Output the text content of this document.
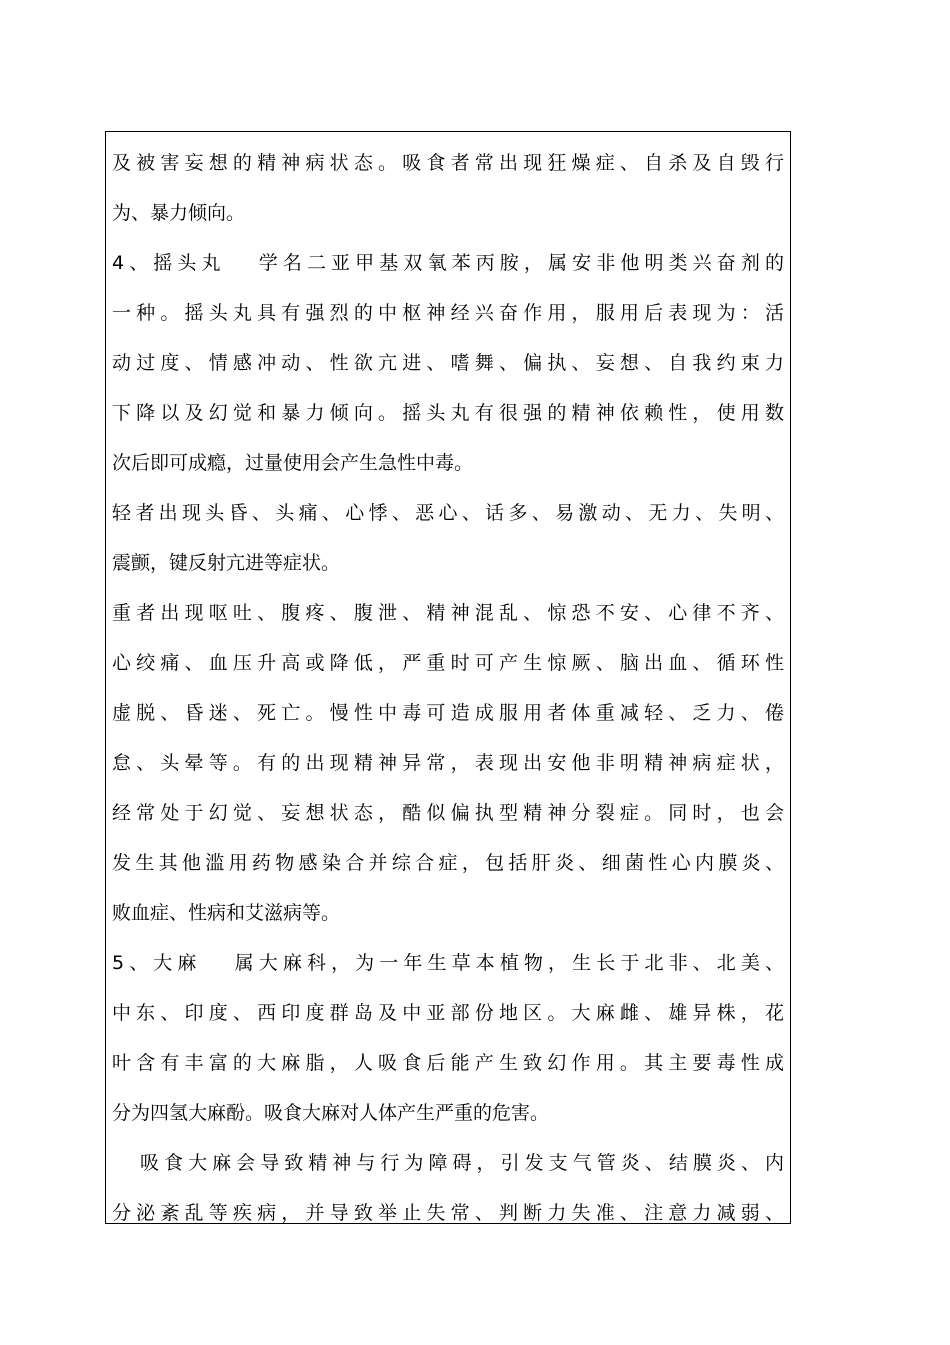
及被害妄想的精神病状态。吸食者常出现狂燥症、自杀及自毁行
为、暴力倾向。
4、摇头丸 学名二亚甲基双氧苯丙胺，属安非他明类兴奋剂的
一种。摇头丸具有强烈的中枢神经兴奋作用，服用后表现为：活
动过度、情感冲动、性欲亢进、嗜舞、偏执、妄想、自我约束力
下降以及幻觉和暴力倾向。摇头丸有很强的精神依赖性，使用数
次后即可成瘾，过量使用会产生急性中毒。
轻者出现头昏、头痛、心悸、恶心、话多、易激动、无力、失明、
震颤，键反射亢进等症状。
重者出现呕吐、腹疼、腹泄、精神混乱、惊恐不安、心律不齐、
心绞痛、血压升高或降低，严重时可产生惊厥、脑出血、循环性
虚脱、昏迷、死亡。慢性中毒可造成服用者体重减轻、乏力、倦
怠、头晕等。有的出现精神异常，表现出安他非明精神病症状，
经常处于幻觉、妄想状态，酷似偏执型精神分裂症。同时，也会
发生其他滥用药物感染合并综合症，包括肝炎、细菌性心内膜炎、
败血症、性病和艾滋病等。
5、大麻 属大麻科，为一年生草本植物，生长于北非、北美、
中东、印度、西印度群岛及中亚部份地区。大麻雌、雄异株，花
叶含有丰富的大麻脂，人吸食后能产生致幻作用。其主要毒性成
分为四氢大麻酚。吸食大麻对人体产生严重的危害。
吸食大麻会导致精神与行为障碍，引发支气管炎、结膜炎、内
分泌紊乱等疾病，并导致举止失常、判断力失准、注意力减弱、
